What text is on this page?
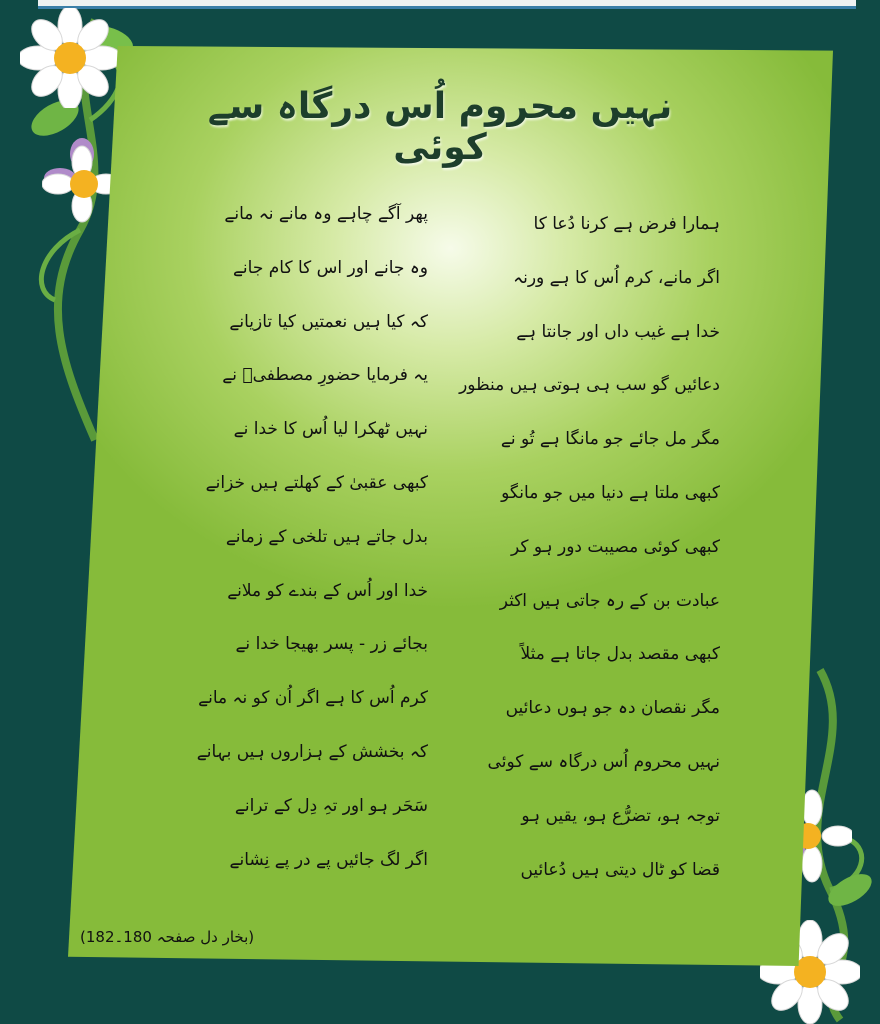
نہیں محروم اُس درگاہ سے کوئی
ہمارا فرض ہے کرنا دُعا کا
اگر مانے، کرم اُس کا ہے ورنہ
خدا ہے غیب داں اور جانتا ہے
دعائیں گو سب ہی ہوتی ہیں منظور
مگر مل جائے جو مانگا ہے تُو نے
کبھی ملتا ہے دنیا میں جو مانگو
کبھی کوئی مصیبت دور ہو کر
عبادت بن کے رہ جاتی ہیں اکثر
کبھی مقصد بدل جاتا ہے مثلاً
مگر نقصان دہ جو ہوں دعائیں
نہیں محروم اُس درگاہ سے کوئی
توجہ ہو، تضرُّع ہو، یقیں ہو
قضا کو ٹال دیتی ہیں دُعائیں
پھر آگے چاہے وہ مانے نہ مانے
وہ جانے اور اس کا کام جانے
کہ کیا ہیں نعمتیں کیا تازیانے
یہ فرمایا حضورِ مصطفیؐ نے
نہیں ٹھکرا لیا اُس کا خدا نے
کبھی عقبیٰ کے کھلتے ہیں خزانے
بدل جاتے ہیں تلخی کے زمانے
خدا اور اُس کے بندے کو ملانے
بجائے زر - پسر بھیجا خدا نے
کرم اُس کا ہے اگر اُن کو نہ مانے
کہ بخشش کے ہزاروں ہیں بہانے
سَحَر ہو اور تہِ دِل کے ترانے
اگر لگ جائیں پے در پے نِشانے
(بخار دل صفحہ 180۔182)
